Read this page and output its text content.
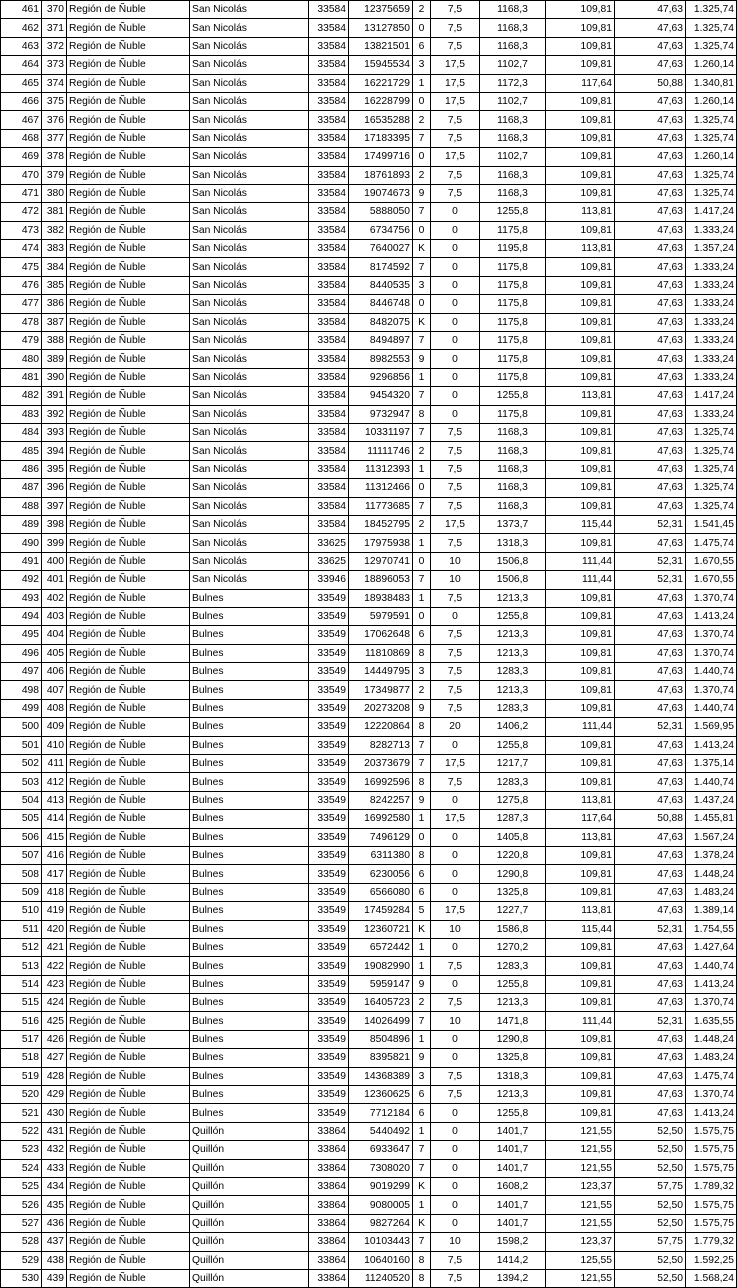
461	370	Región de Ñuble	San Nicolás	33584	12375659	2	7,5	1168,3	109,81	47,63	1.325,74
462	371	Región de Ñuble	San Nicolás	33584	13127850	0	7,5	1168,3	109,81	47,63	1.325,74
463	372	Región de Ñuble	San Nicolás	33584	13821501	6	7,5	1168,3	109,81	47,63	1.325,74
464	373	Región de Ñuble	San Nicolás	33584	15945534	3	17,5	1102,7	109,81	47,63	1.260,14
465	374	Región de Ñuble	San Nicolás	33584	16221729	1	17,5	1172,3	117,64	50,88	1.340,81
466	375	Región de Ñuble	San Nicolás	33584	16228799	0	17,5	1102,7	109,81	47,63	1.260,14
467	376	Región de Ñuble	San Nicolás	33584	16535288	2	7,5	1168,3	109,81	47,63	1.325,74
468	377	Región de Ñuble	San Nicolás	33584	17183395	7	7,5	1168,3	109,81	47,63	1.325,74
469	378	Región de Ñuble	San Nicolás	33584	17499716	0	17,5	1102,7	109,81	47,63	1.260,14
470	379	Región de Ñuble	San Nicolás	33584	18761893	2	7,5	1168,3	109,81	47,63	1.325,74
471	380	Región de Ñuble	San Nicolás	33584	19074673	9	7,5	1168,3	109,81	47,63	1.325,74
472	381	Región de Ñuble	San Nicolás	33584	5888050	7	0	1255,8	113,81	47,63	1.417,24
473	382	Región de Ñuble	San Nicolás	33584	6734756	0	0	1175,8	109,81	47,63	1.333,24
474	383	Región de Ñuble	San Nicolás	33584	7640027	K	0	1195,8	113,81	47,63	1.357,24
475	384	Región de Ñuble	San Nicolás	33584	8174592	7	0	1175,8	109,81	47,63	1.333,24
476	385	Región de Ñuble	San Nicolás	33584	8440535	3	0	1175,8	109,81	47,63	1.333,24
477	386	Región de Ñuble	San Nicolás	33584	8446748	0	0	1175,8	109,81	47,63	1.333,24
478	387	Región de Ñuble	San Nicolás	33584	8482075	K	0	1175,8	109,81	47,63	1.333,24
479	388	Región de Ñuble	San Nicolás	33584	8494897	7	0	1175,8	109,81	47,63	1.333,24
480	389	Región de Ñuble	San Nicolás	33584	8982553	9	0	1175,8	109,81	47,63	1.333,24
481	390	Región de Ñuble	San Nicolás	33584	9296856	1	0	1175,8	109,81	47,63	1.333,24
482	391	Región de Ñuble	San Nicolás	33584	9454320	7	0	1255,8	113,81	47,63	1.417,24
483	392	Región de Ñuble	San Nicolás	33584	9732947	8	0	1175,8	109,81	47,63	1.333,24
484	393	Región de Ñuble	San Nicolás	33584	10331197	7	7,5	1168,3	109,81	47,63	1.325,74
485	394	Región de Ñuble	San Nicolás	33584	11111746	2	7,5	1168,3	109,81	47,63	1.325,74
486	395	Región de Ñuble	San Nicolás	33584	11312393	1	7,5	1168,3	109,81	47,63	1.325,74
487	396	Región de Ñuble	San Nicolás	33584	11312466	0	7,5	1168,3	109,81	47,63	1.325,74
488	397	Región de Ñuble	San Nicolás	33584	11773685	7	7,5	1168,3	109,81	47,63	1.325,74
489	398	Región de Ñuble	San Nicolás	33584	18452795	2	17,5	1373,7	115,44	52,31	1.541,45
490	399	Región de Ñuble	San Nicolás	33625	17975938	1	7,5	1318,3	109,81	47,63	1.475,74
491	400	Región de Ñuble	San Nicolás	33625	12970741	0	10	1506,8	111,44	52,31	1.670,55
492	401	Región de Ñuble	San Nicolás	33946	18896053	7	10	1506,8	111,44	52,31	1.670,55
493	402	Región de Ñuble	Bulnes	33549	18938483	1	7,5	1213,3	109,81	47,63	1.370,74
494	403	Región de Ñuble	Bulnes	33549	5979591	0	0	1255,8	109,81	47,63	1.413,24
495	404	Región de Ñuble	Bulnes	33549	17062648	6	7,5	1213,3	109,81	47,63	1.370,74
496	405	Región de Ñuble	Bulnes	33549	11810869	8	7,5	1213,3	109,81	47,63	1.370,74
497	406	Región de Ñuble	Bulnes	33549	14449795	3	7,5	1283,3	109,81	47,63	1.440,74
498	407	Región de Ñuble	Bulnes	33549	17349877	2	7,5	1213,3	109,81	47,63	1.370,74
499	408	Región de Ñuble	Bulnes	33549	20273208	9	7,5	1283,3	109,81	47,63	1.440,74
500	409	Región de Ñuble	Bulnes	33549	12220864	8	20	1406,2	111,44	52,31	1.569,95
501	410	Región de Ñuble	Bulnes	33549	8282713	7	0	1255,8	109,81	47,63	1.413,24
502	411	Región de Ñuble	Bulnes	33549	20373679	7	17,5	1217,7	109,81	47,63	1.375,14
503	412	Región de Ñuble	Bulnes	33549	16992596	8	7,5	1283,3	109,81	47,63	1.440,74
504	413	Región de Ñuble	Bulnes	33549	8242257	9	0	1275,8	113,81	47,63	1.437,24
505	414	Región de Ñuble	Bulnes	33549	16992580	1	17,5	1287,3	117,64	50,88	1.455,81
506	415	Región de Ñuble	Bulnes	33549	7496129	0	0	1405,8	113,81	47,63	1.567,24
507	416	Región de Ñuble	Bulnes	33549	6311380	8	0	1220,8	109,81	47,63	1.378,24
508	417	Región de Ñuble	Bulnes	33549	6230056	6	0	1290,8	109,81	47,63	1.448,24
509	418	Región de Ñuble	Bulnes	33549	6566080	6	0	1325,8	109,81	47,63	1.483,24
510	419	Región de Ñuble	Bulnes	33549	17459284	5	17,5	1227,7	113,81	47,63	1.389,14
511	420	Región de Ñuble	Bulnes	33549	12360721	K	10	1586,8	115,44	52,31	1.754,55
512	421	Región de Ñuble	Bulnes	33549	6572442	1	0	1270,2	109,81	47,63	1.427,64
513	422	Región de Ñuble	Bulnes	33549	19082990	1	7,5	1283,3	109,81	47,63	1.440,74
514	423	Región de Ñuble	Bulnes	33549	5959147	9	0	1255,8	109,81	47,63	1.413,24
515	424	Región de Ñuble	Bulnes	33549	16405723	2	7,5	1213,3	109,81	47,63	1.370,74
516	425	Región de Ñuble	Bulnes	33549	14026499	7	10	1471,8	111,44	52,31	1.635,55
517	426	Región de Ñuble	Bulnes	33549	8504896	1	0	1290,8	109,81	47,63	1.448,24
518	427	Región de Ñuble	Bulnes	33549	8395821	9	0	1325,8	109,81	47,63	1.483,24
519	428	Región de Ñuble	Bulnes	33549	14368389	3	7,5	1318,3	109,81	47,63	1.475,74
520	429	Región de Ñuble	Bulnes	33549	12360625	6	7,5	1213,3	109,81	47,63	1.370,74
521	430	Región de Ñuble	Bulnes	33549	7712184	6	0	1255,8	109,81	47,63	1.413,24
522	431	Región de Ñuble	Quillón	33864	5440492	1	0	1401,7	121,55	52,50	1.575,75
523	432	Región de Ñuble	Quillón	33864	6933647	7	0	1401,7	121,55	52,50	1.575,75
524	433	Región de Ñuble	Quillón	33864	7308020	7	0	1401,7	121,55	52,50	1.575,75
525	434	Región de Ñuble	Quillón	33864	9019299	K	0	1608,2	123,37	57,75	1.789,32
526	435	Región de Ñuble	Quillón	33864	9080005	1	0	1401,7	121,55	52,50	1.575,75
527	436	Región de Ñuble	Quillón	33864	9827264	K	0	1401,7	121,55	52,50	1.575,75
528	437	Región de Ñuble	Quillón	33864	10103443	7	10	1598,2	123,37	57,75	1.779,32
529	438	Región de Ñuble	Quillón	33864	10640160	8	7,5	1414,2	125,55	52,50	1.592,25
530	439	Región de Ñuble	Quillón	33864	11240520	8	7,5	1394,2	121,55	52,50	1.568,24
